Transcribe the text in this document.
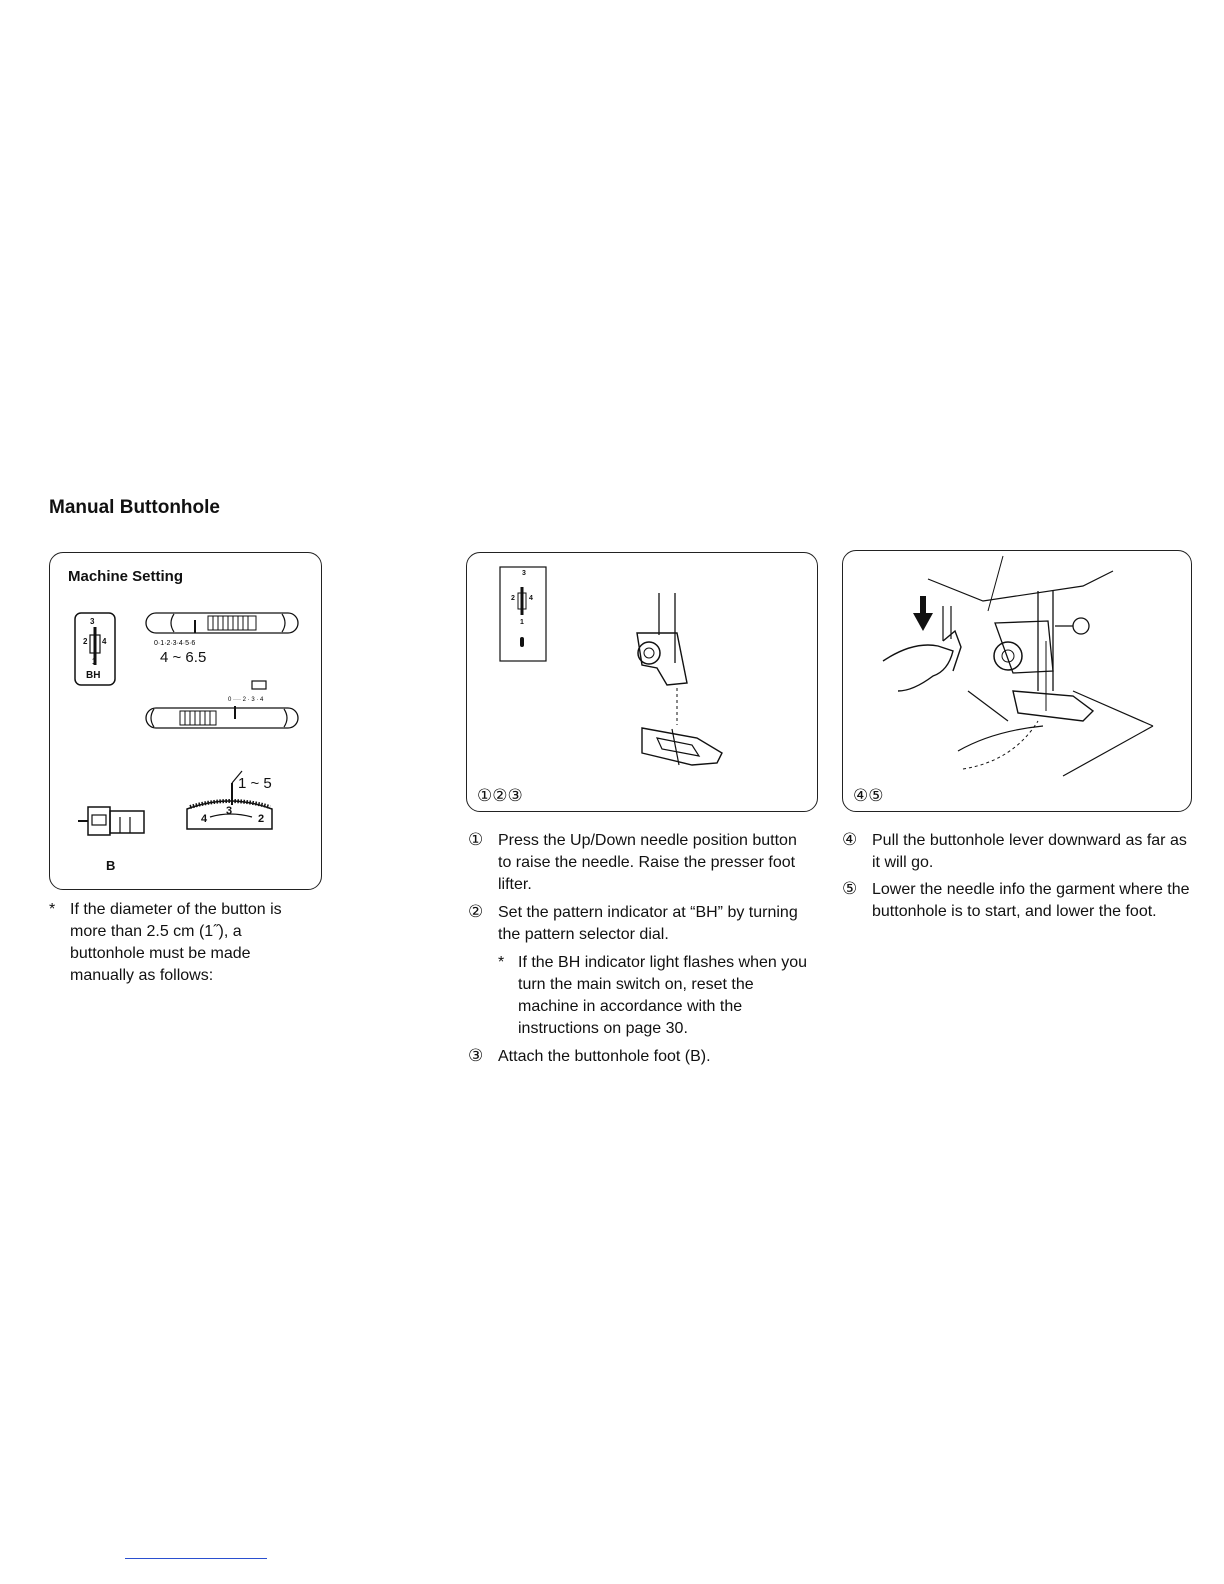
Manual Buttonhole
0·1·2·3·4·5·6
0 ···· 2 · 3 · 4
Machine Setting
3
2 4
1
BH
4 ~ 6.5
1 ~ 5
4
3
2
B
* If the diameter of the button is more than 2.5 cm (1˝), a buttonhole must be made manually as follows:
3
2 4
1
①②③	④⑤
① Press the Up/Down needle position button to raise the needle. Raise the presser foot lifter.
② Set the pattern indicator at “BH” by turning the pattern selector dial.
* If the BH indicator light flashes when you turn the main switch on, reset the machine in accordance with the instructions on page 30.
③ Attach the buttonhole foot (B).
④ Pull the buttonhole lever downward as far as it will go.
⑤ Lower the needle info the garment where the buttonhole is to start, and lower the foot.
